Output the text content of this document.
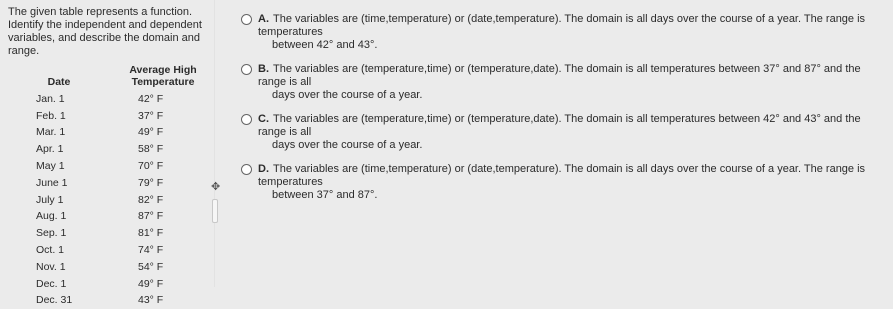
The given table represents a function. Identify the independent and dependent variables, and describe the domain and range.

Date	Average High Temperature
Jan. 1	42° F
Feb. 1	37° F
Mar. 1	49° F
Apr. 1	58° F
May 1	70° F
June 1	79° F
July 1	82° F
Aug. 1	87° F
Sep. 1	81° F
Oct. 1	74° F
Nov. 1	54° F
Dec. 1	49° F
Dec. 31	43° F
✥
A. The variables are (time,temperature) or (date,temperature). The domain is all days over the course of a year. The range is temperatures
between 42° and 43°.
B. The variables are (temperature,time) or (temperature,date). The domain is all temperatures between 37° and 87° and the range is all
days over the course of a year.
C. The variables are (temperature,time) or (temperature,date). The domain is all temperatures between 42° and 43° and the range is all
days over the course of a year.
D. The variables are (time,temperature) or (date,temperature). The domain is all days over the course of a year. The range is temperatures
between 37° and 87°.
